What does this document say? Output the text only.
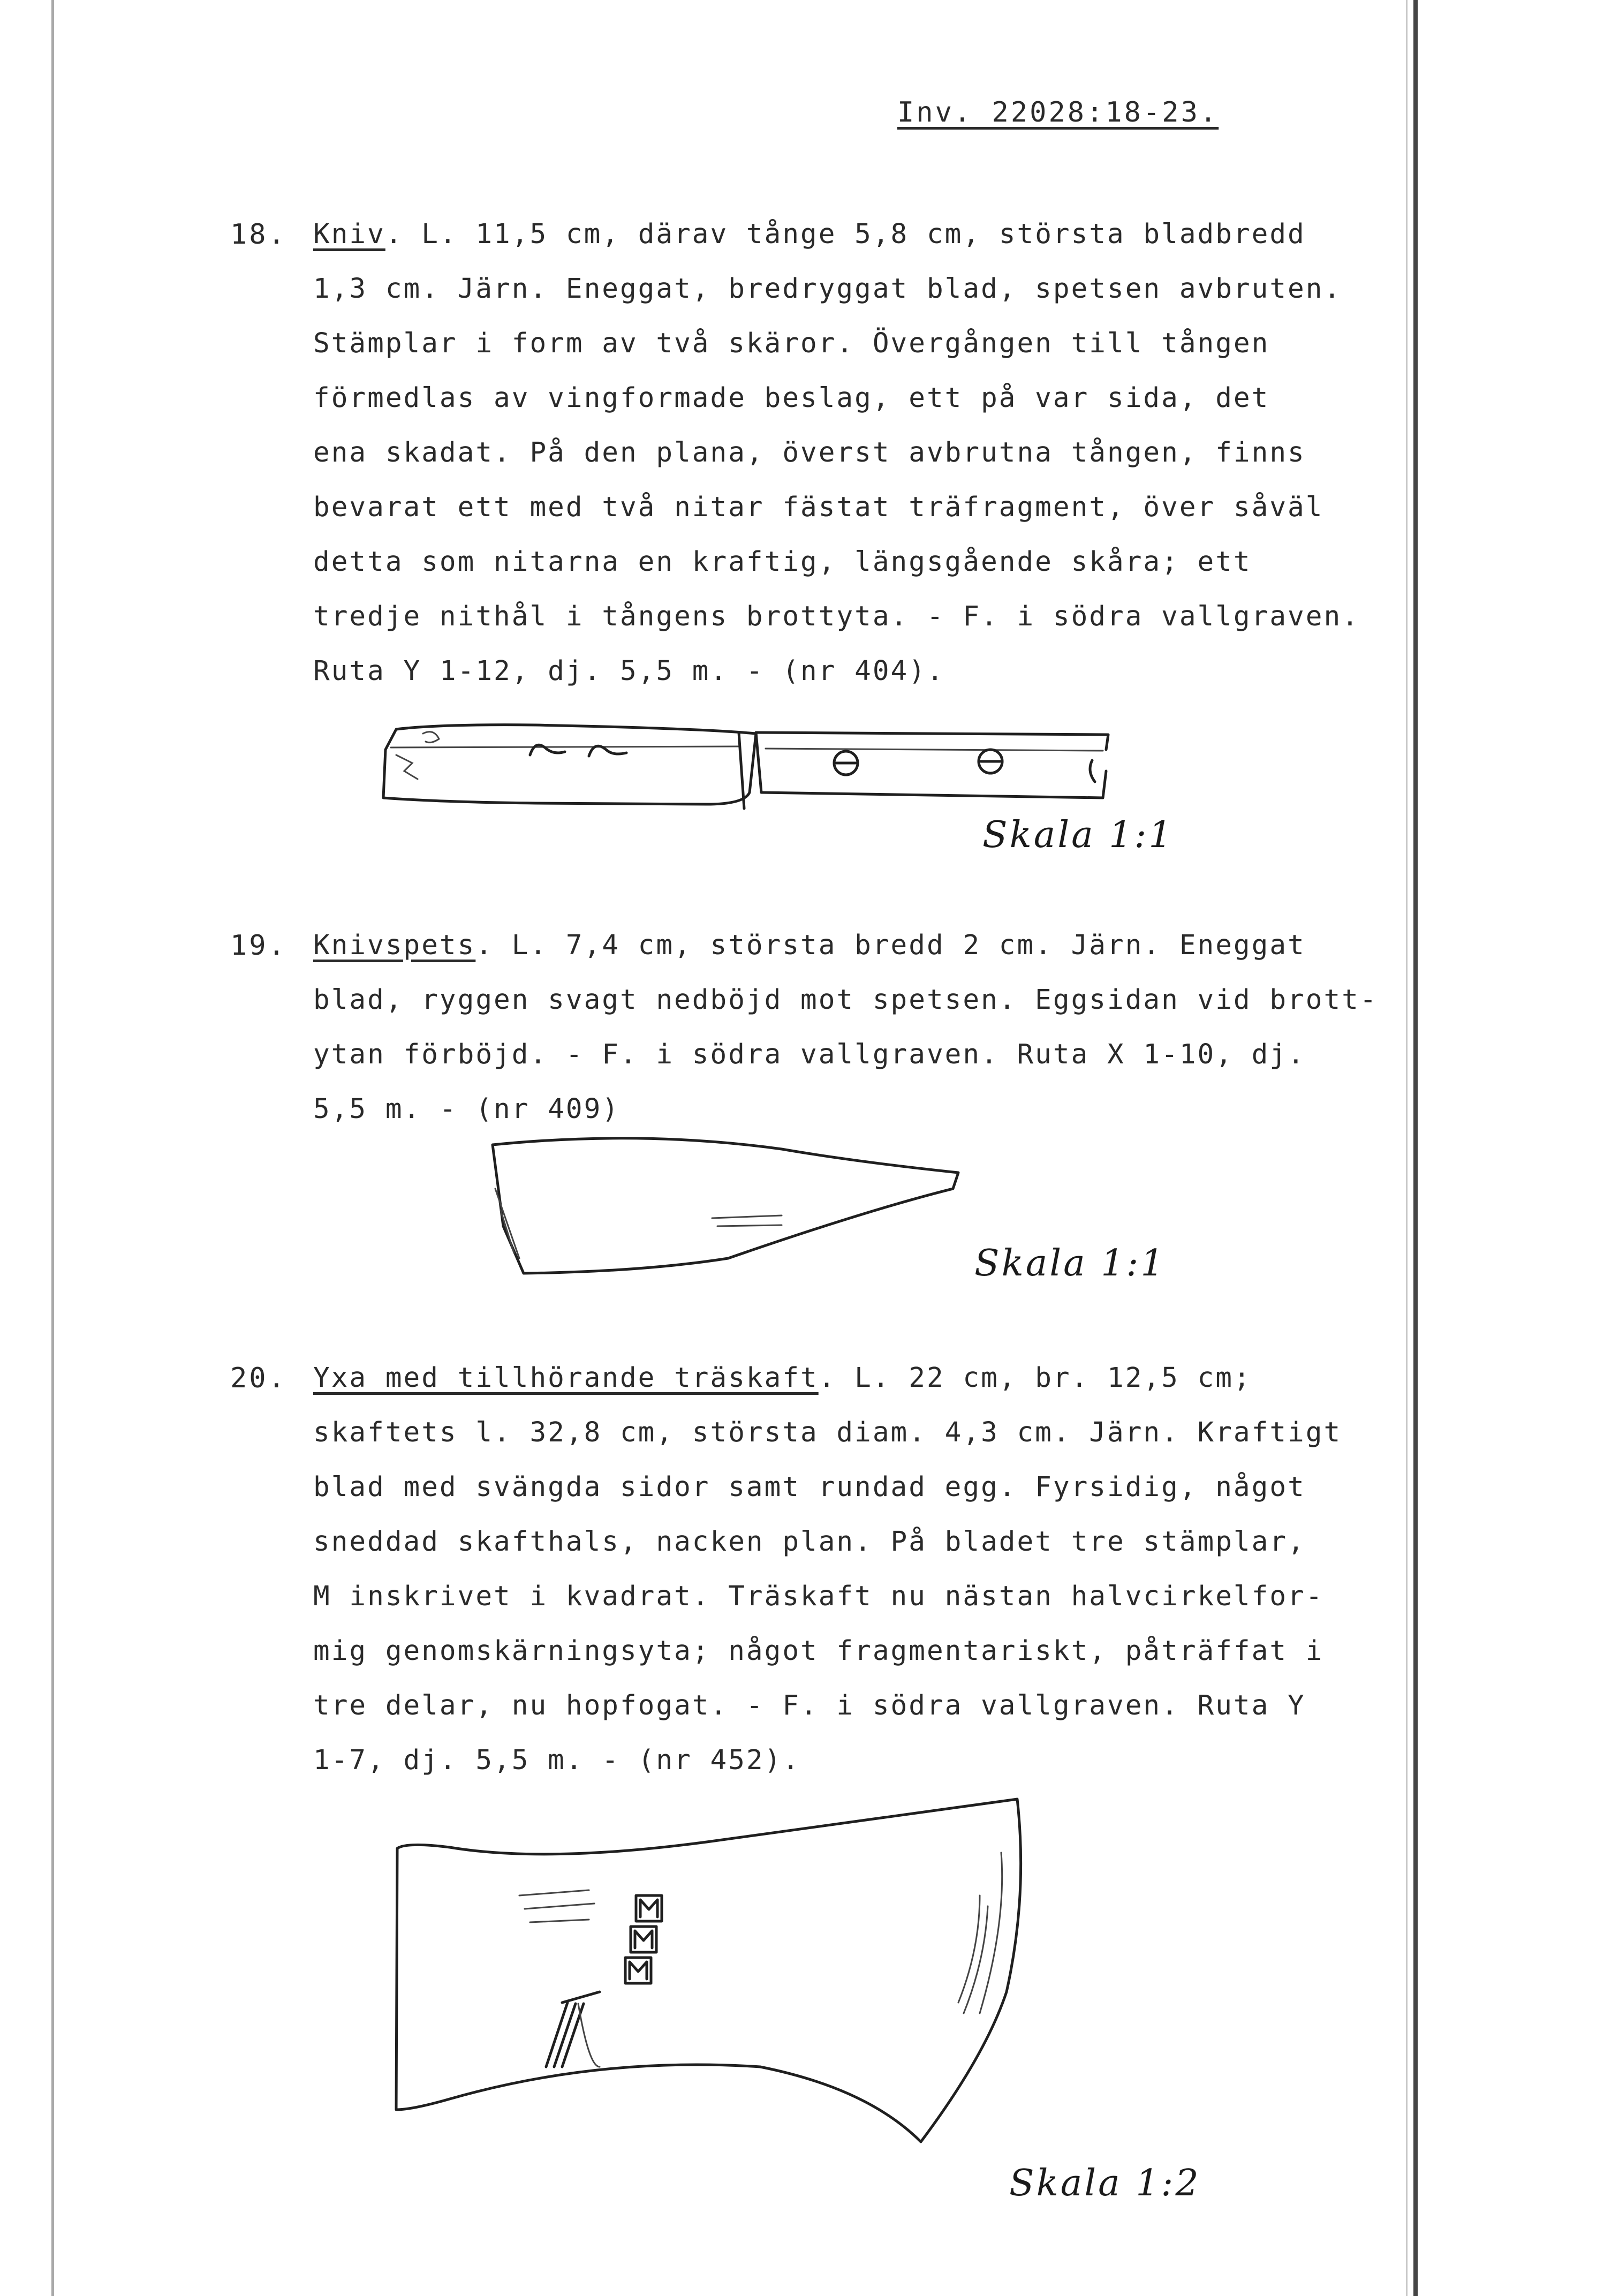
Inv. 22028:18-23.
18. Kniv. L. 11,5 cm, därav tånge 5,8 cm, största bladbredd
1,3 cm. Järn. Eneggat, bredryggat blad, spetsen avbruten.
Stämplar i form av två skäror. Övergången till tången
förmedlas av vingformade beslag, ett på var sida, det
ena skadat. På den plana, överst avbrutna tången, finns
bevarat ett med två nitar fästat träfragment, över såväl
detta som nitarna en kraftig, längsgående skåra; ett
tredje nithål i tångens brottyta. - F. i södra vallgraven.
Ruta Y 1-12, dj. 5,5 m. - (nr 404).
Skala 1:1
19. Knivspets. L. 7,4 cm, största bredd 2 cm. Järn. Eneggat
blad, ryggen svagt nedböjd mot spetsen. Eggsidan vid brott-
ytan förböjd. - F. i södra vallgraven. Ruta X 1-10, dj.
5,5 m. - (nr 409)
Skala 1:1
20. Yxa med tillhörande träskaft. L. 22 cm, br. 12,5 cm;
skaftets l. 32,8 cm, största diam. 4,3 cm. Järn. Kraftigt
blad med svängda sidor samt rundad egg. Fyrsidig, något
sneddad skafthals, nacken plan. På bladet tre stämplar,
M inskrivet i kvadrat. Träskaft nu nästan halvcirkelfor-
mig genomskärningsyta; något fragmentariskt, påträffat i
tre delar, nu hopfogat. - F. i södra vallgraven. Ruta Y
1-7, dj. 5,5 m. - (nr 452).
Skala 1:2
